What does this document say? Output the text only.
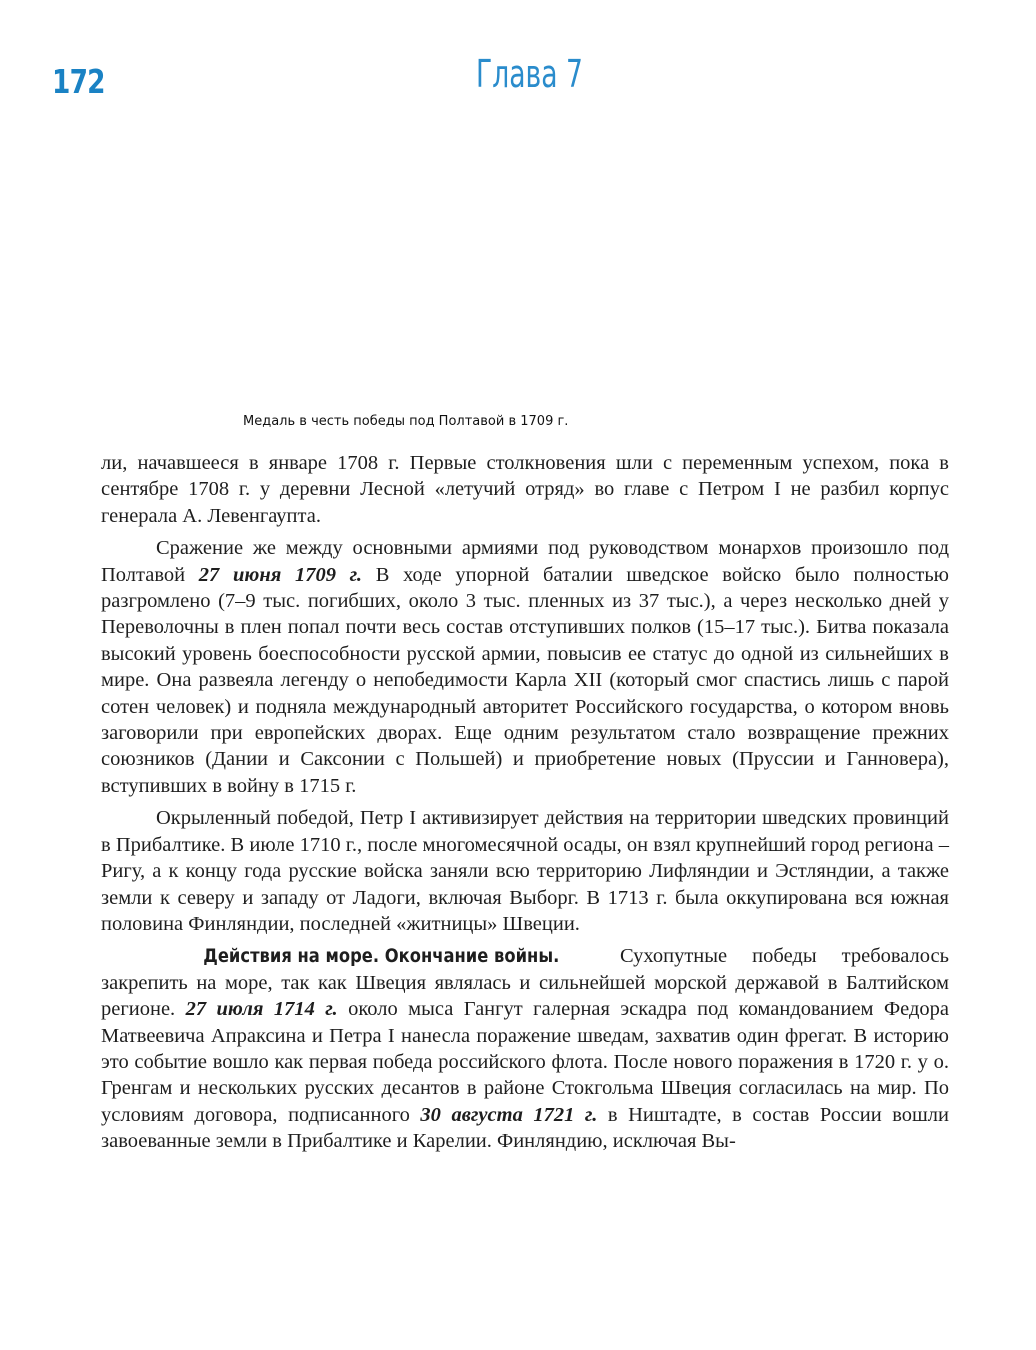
172	Глава 7
Медаль в честь победы под Полтавой в 1709 г.

ли, начавшееся в январе 1708 г. Первые столкновения шли с переменным успехом, пока в сентябре 1708 г. у деревни Лесной «летучий отряд» во главе с Петром I не разбил корпус генерала А. Левенгаупта.

Сражение же между основными армиями под руководством монархов произошло под Полтавой 27 июня 1709 г. В ходе упорной баталии шведское войско было полностью разгромлено (7–9 тыс. погибших, около 3 тыс. пленных из 37 тыс.), а через несколько дней у Переволочны в плен попал почти весь состав отступивших полков (15–17 тыс.). Битва показала высокий уровень боеспособности русской армии, повысив ее статус до одной из сильнейших в мире. Она развеяла легенду о непобедимости Карла XII (который смог спастись лишь с парой сотен человек) и подняла международный авторитет Российского государства, о котором вновь заговорили при европейских дворах. Еще одним результатом стало возвращение прежних союзников (Дании и Саксонии с Польшей) и приобретение новых (Пруссии и Ганновера), вступивших в войну в 1715 г.

Окрыленный победой, Петр I активизирует действия на территории шведских провинций в Прибалтике. В июле 1710 г., после многомесячной осады, он взял крупнейший город региона – Ригу, а к концу года русские войска заняли всю территорию Лифляндии и Эстляндии, а также земли к северу и западу от Ладоги, включая Выборг. В 1713 г. была оккупирована вся южная половина Финляндии, последней «житницы» Швеции.

Действия на море. Окончание войны. Сухопутные победы требовалось закрепить на море, так как Швеция являлась и сильнейшей морской державой в Балтийском регионе. 27 июля 1714 г. около мыса Гангут галерная эскадра под командованием Федора Матвеевича Апраксина и Петра I нанесла поражение шведам, захватив один фрегат. В историю это событие вошло как первая победа российского флота. После нового поражения в 1720 г. у о. Гренгам и нескольких русских десантов в районе Стокгольма Швеция согласилась на мир. По условиям договора, подписанного 30 августа 1721 г. в Ништадте, в состав России вошли завоеванные земли в Прибалтике и Карелии. Финляндию, исключая Вы-
